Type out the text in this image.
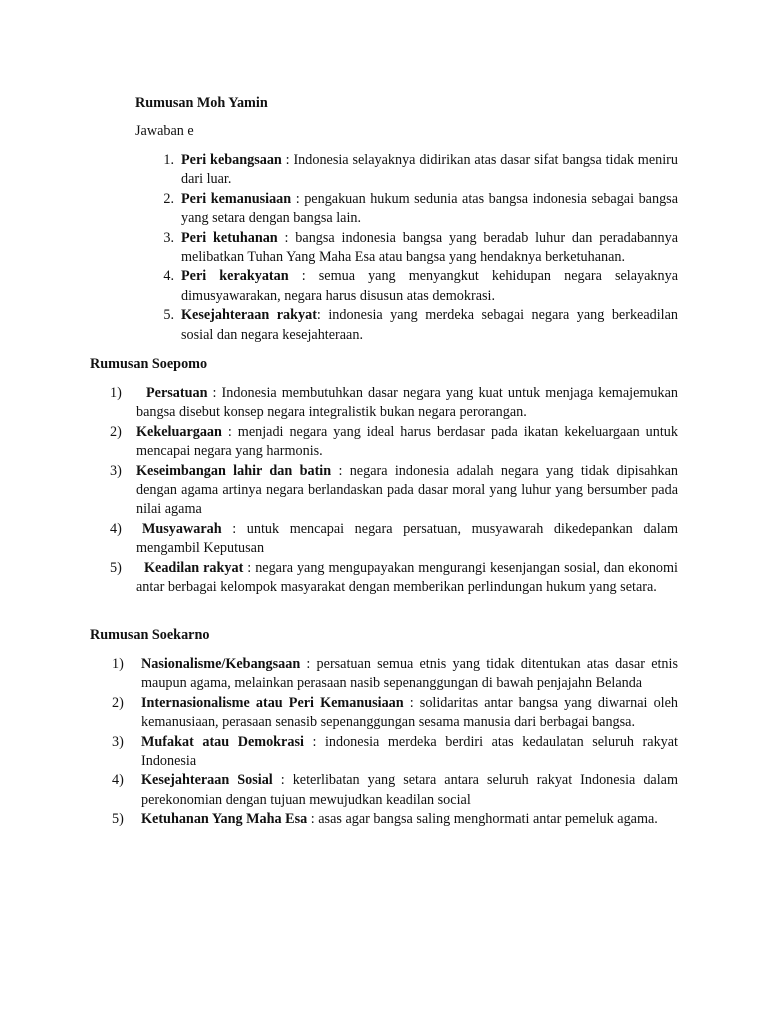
Rumusan Moh Yamin
Jawaban e
1. Peri kebangsaan : Indonesia selayaknya didirikan atas dasar sifat bangsa tidak meniru dari luar.
2. Peri kemanusiaan : pengakuan hukum sedunia atas bangsa indonesia sebagai bangsa yang setara dengan bangsa lain.
3. Peri ketuhanan : bangsa indonesia bangsa yang beradab luhur dan peradabannya melibatkan Tuhan Yang Maha Esa atau bangsa yang hendaknya berketuhanan.
4. Peri kerakyatan : semua yang menyangkut kehidupan negara selayaknya dimusyawarakan, negara harus disusun atas demokrasi.
5. Kesejahteraan rakyat: indonesia yang merdeka sebagai negara yang berkeadilan sosial dan negara kesejahteraan.
Rumusan Soepomo
1)	Persatuan : Indonesia membutuhkan dasar negara yang kuat untuk menjaga kemajemukan bangsa disebut konsep negara integralistik bukan negara perorangan.
2) Kekeluargaan : menjadi negara yang ideal harus berdasar pada ikatan kekeluargaan untuk mencapai negara yang harmonis.
3) Keseimbangan lahir dan batin : negara indonesia adalah negara yang tidak dipisahkan dengan agama artinya negara berlandaskan pada dasar moral yang luhur yang bersumber pada nilai agama
4)	Musyawarah : untuk mencapai negara persatuan, musyawarah dikedepankan dalam mengambil Keputusan
5)	Keadilan rakyat : negara yang mengupayakan mengurangi kesenjangan sosial, dan ekonomi antar berbagai kelompok masyarakat dengan memberikan perlindungan hukum yang setara.
Rumusan Soekarno
1)	Nasionalisme/Kebangsaan : persatuan semua etnis yang tidak ditentukan atas dasar etnis maupun agama, melainkan perasaan nasib sepenanggungan di bawah penjajahn Belanda
2)	Internasionalisme atau Peri Kemanusiaan : solidaritas antar bangsa yang diwarnai oleh kemanusiaan, perasaan senasib sepenanggungan sesama manusia dari berbagai bangsa.
3)	Mufakat atau Demokrasi : indonesia merdeka berdiri atas kedaulatan seluruh rakyat Indonesia
4)	Kesejahteraan Sosial : keterlibatan yang setara antara seluruh rakyat Indonesia dalam perekonomian dengan tujuan mewujudkan keadilan social
5)	Ketuhanan Yang Maha Esa : asas agar bangsa saling menghormati antar pemeluk agama.
